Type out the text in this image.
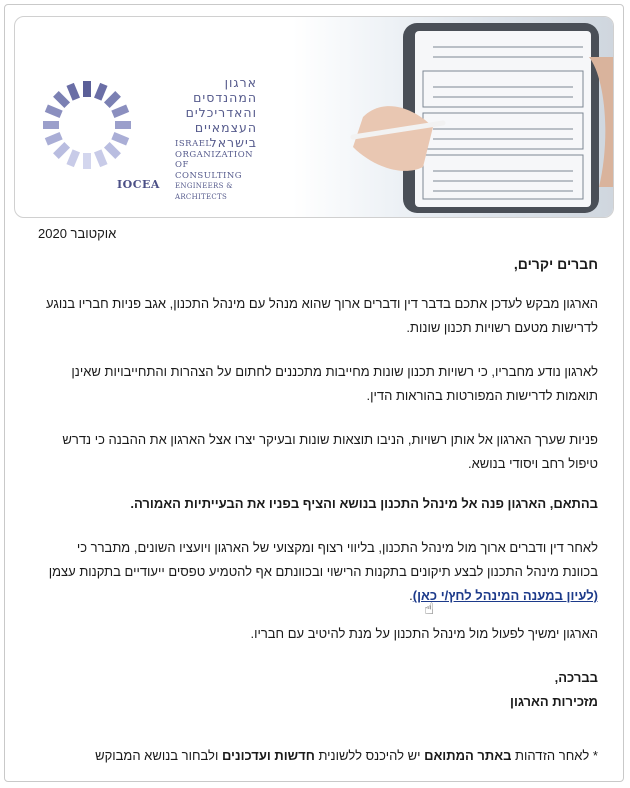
IOCEA
ארגון המהנדסים
והאדריכלים
העצמאיים
בישראל
ISRAEL
ORGANIZATION
OF CONSULTING
ENGINEERS & ARCHITECTS
אוקטובר 2020
חברים יקרים,

הארגון מבקש לעדכן אתכם בדבר דין ודברים ארוך שהוא מנהל עם מינהל התכנון, אגב פניות חבריו בנוגע לדרישות מטעם רשויות תכנון שונות.

לארגון נודע מחבריו, כי רשויות תכנון שונות מחייבות מתכננים לחתום על הצהרות והתחייבויות שאינן תואמות לדרישות המפורטות בהוראות הדין.

פניות שערך הארגון אל אותן רשויות, הניבו תוצאות שונות ובעיקר יצרו אצל הארגון את ההבנה כי נדרש טיפול רחב ויסודי בנושא.

בהתאם, הארגון פנה אל מינהל התכנון בנושא והציף בפניו את הבעייתיות האמורה.

לאחר דין ודברים ארוך מול מינהל התכנון, בליווי רצוף ומקצועי של הארגון ויועציו השונים, מתברר כי בכוונת מינהל התכנון לבצע תיקונים בתקנות הרישוי ובכוונתם אף להטמיע טפסים ייעודיים בתקנות עצמן (לעיון במענה המינהל לחץ/י כאן).

☝

הארגון ימשיך לפעול מול מינהל התכנון על מנת להיטיב עם חבריו.

בברכה,

מזכירות הארגון

* לאחר הזדהות באתר המתואם יש להיכנס ללשונית חדשות ועדכונים ולבחור בנושא המבוקש
